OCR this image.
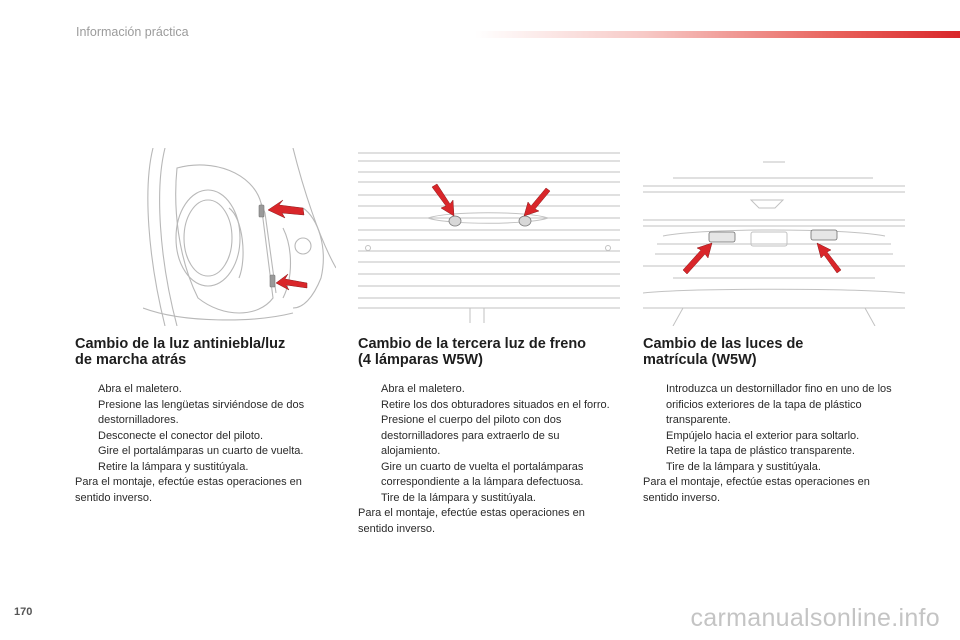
Información práctica
Cambio de la luz antiniebla/luz
de marcha atrás
Abra el maletero.
Presione las lengüetas sirviéndose de dos destornilladores.
Desconecte el conector del piloto.
Gire el portalámparas un cuarto de vuelta.
Retire la lámpara y sustitúyala.

Para el montaje, efectúe estas operaciones en sentido inverso.

Cambio de la tercera luz de freno
(4 lámparas W5W)
Abra el maletero.
Retire los dos obturadores situados en el forro.
Presione el cuerpo del piloto con dos destornilladores para extraerlo de su alojamiento.
Gire un cuarto de vuelta el portalámparas correspondiente a la lámpara defectuosa.
Tire de la lámpara y sustitúyala.

Para el montaje, efectúe estas operaciones en sentido inverso.

Cambio de las luces de
matrícula (W5W)
Introduzca un destornillador fino en uno de los orificios exteriores de la tapa de plástico transparente.
Empújelo hacia el exterior para soltarlo.
Retire la tapa de plástico transparente.
Tire de la lámpara y sustitúyala.

Para el montaje, efectúe estas operaciones en sentido inverso.

170	carmanualsonline.info
